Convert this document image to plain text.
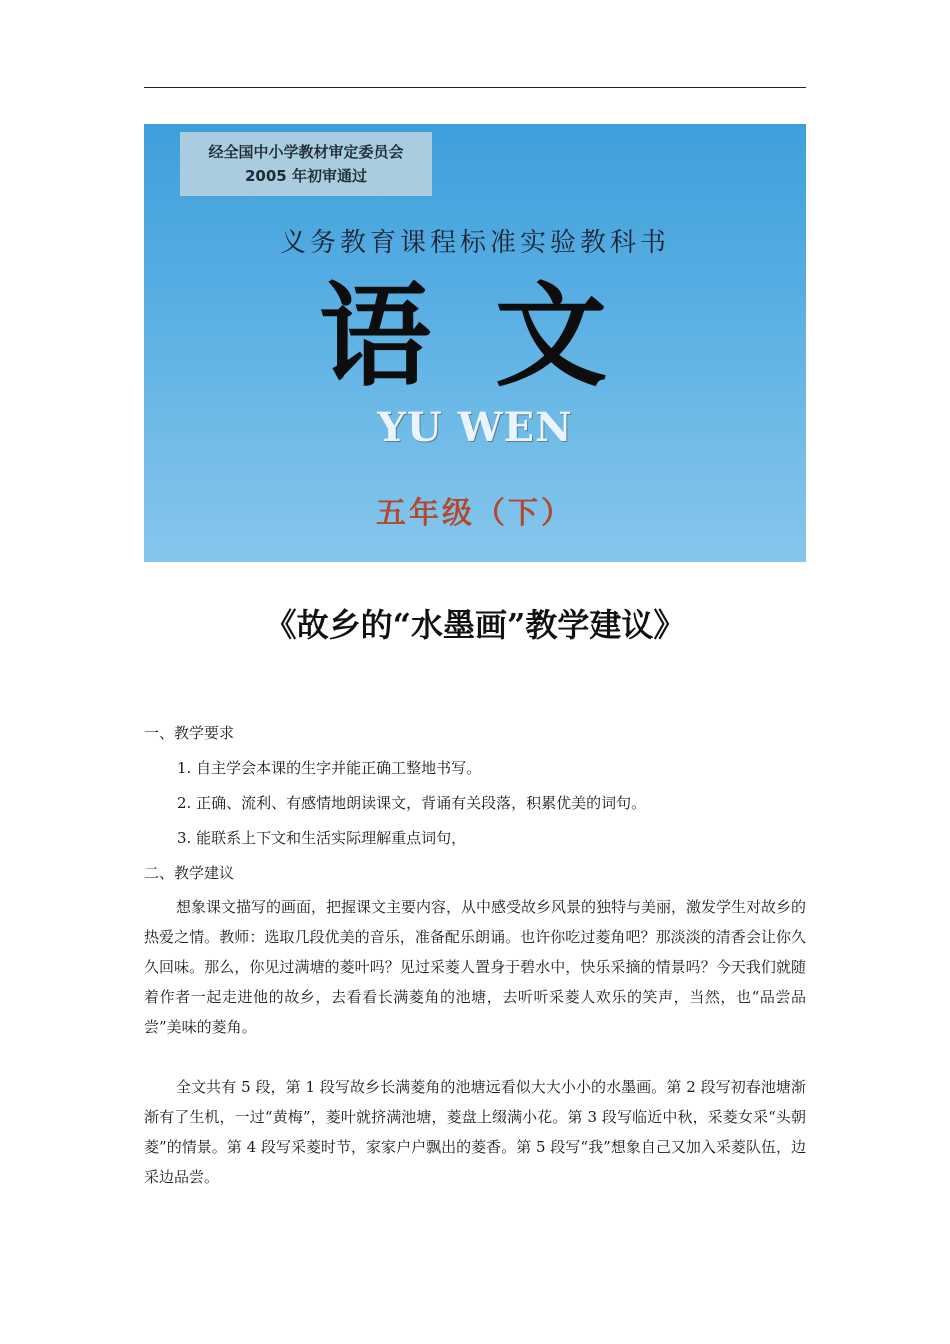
经全国中小学教材审定委员会
2005 年初审通过
义务教育课程标准实验教科书
语文
YU WEN
五年级（下）
《故乡的“水墨画”教学建议》
一、教学要求
1. 自主学会本课的生字并能正确工整地书写。
2. 正确、流利、有感情地朗读课文，背诵有关段落，积累优美的词句。
3. 能联系上下文和生活实际理解重点词句，
二、教学建议

想象课文描写的画面，把握课文主要内容，从中感受故乡风景的独特与美丽，激发学生对故乡的热爱之情。教师：选取几段优美的音乐，准备配乐朗诵。也许你吃过菱角吧？那淡淡的清香会让你久久回味。那么，你见过满塘的菱叶吗？见过采菱人置身于碧水中，快乐采摘的情景吗？今天我们就随着作者一起走进他的故乡，去看看长满菱角的池塘，去听听采菱人欢乐的笑声，当然，也“品尝品尝”美味的菱角。

全文共有 5 段，第 1 段写故乡长满菱角的池塘远看似大大小小的水墨画。第 2 段写初春池塘渐渐有了生机，一过“黄梅”，菱叶就挤满池塘，菱盘上缀满小花。第 3 段写临近中秋，采菱女采“头朝菱”的情景。第 4 段写采菱时节，家家户户飘出的菱香。第 5 段写“我”想象自己又加入采菱队伍，边采边品尝。
